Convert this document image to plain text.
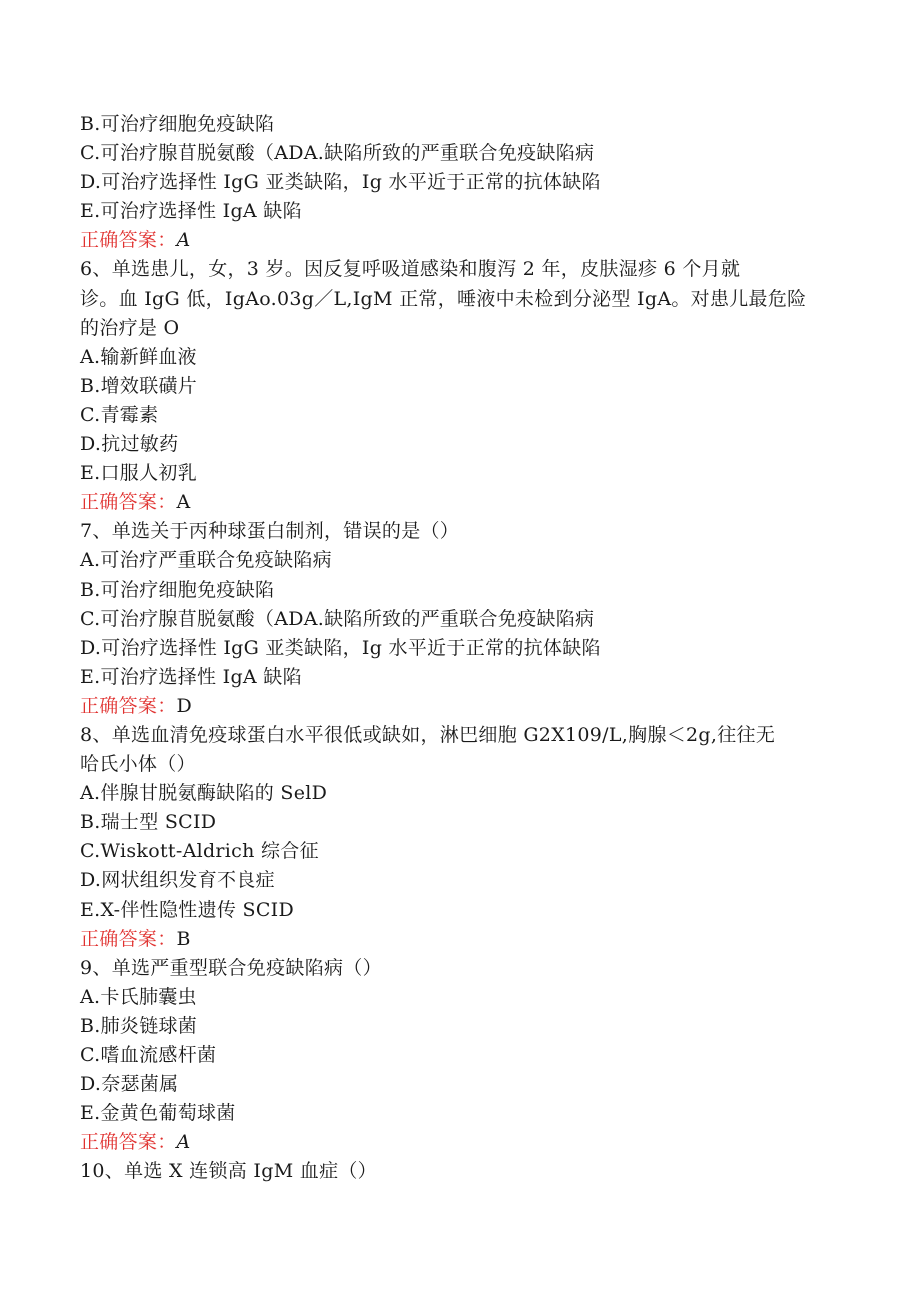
B.可治疗细胞免疫缺陷
C.可治疗腺苜脱氨酸（ADA.缺陷所致的严重联合免疫缺陷病
D.可治疗选择性 IgG 亚类缺陷，Ig 水平近于正常的抗体缺陷
E.可治疗选择性 IgA 缺陷
正确答案：A
6、单选患儿，女，3 岁。因反复呼吸道感染和腹泻 2 年，皮肤湿疹 6 个月就
诊。血 IgG 低，IgAo.03g／L,IgM 正常，唾液中未检到分泌型 IgA。对患儿最危险
的治疗是 O
A.输新鲜血液
B.增效联磺片
C.青霉素
D.抗过敏药
E.口服人初乳
正确答案：A
7、单选关于丙种球蛋白制剂，错误的是（）
A.可治疗严重联合免疫缺陷病
B.可治疗细胞免疫缺陷
C.可治疗腺苜脱氨酸（ADA.缺陷所致的严重联合免疫缺陷病
D.可治疗选择性 IgG 亚类缺陷，Ig 水平近于正常的抗体缺陷
E.可治疗选择性 IgA 缺陷
正确答案：D
8、单选血清免疫球蛋白水平很低或缺如，淋巴细胞 G2X109/L,胸腺＜2g,往往无
哈氏小体（）
A.伴腺甘脱氨酶缺陷的 SelD
B.瑞士型 SCID
C.Wiskott-Aldrich 综合征
D.网状组织发育不良症
E.X-伴性隐性遗传 SCID
正确答案：B
9、单选严重型联合免疫缺陷病（）
A.卡氏肺囊虫
B.肺炎链球菌
C.嗜血流感杆菌
D.奈瑟菌属
E.金黄色葡萄球菌
正确答案：A
10、单选 X 连锁高 IgM 血症（）
